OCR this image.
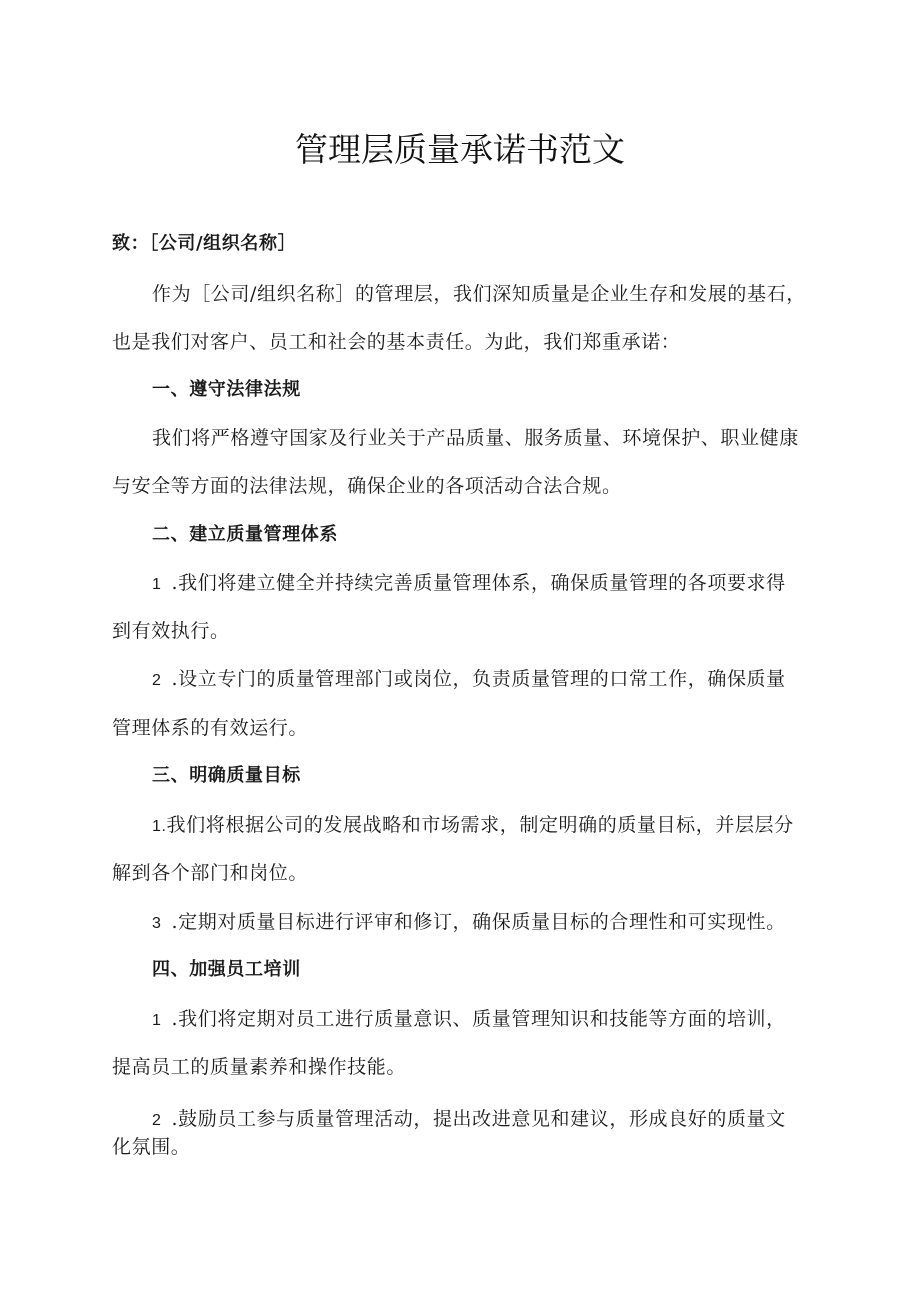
管理层质量承诺书范文
致：［公司/组织名称］
作为［公司/组织名称］的管理层，我们深知质量是企业生存和发展的基石，
也是我们对客户、员工和社会的基本责任。为此，我们郑重承诺：
一、遵守法律法规
我们将严格遵守国家及行业关于产品质量、服务质量、环境保护、职业健康
与安全等方面的法律法规，确保企业的各项活动合法合规。
二、建立质量管理体系
1 .我们将建立健全并持续完善质量管理体系，确保质量管理的各项要求得
到有效执行。
2 .设立专门的质量管理部门或岗位，负责质量管理的口常工作，确保质量
管理体系的有效运行。
三、明确质量目标
1.我们将根据公司的发展战略和市场需求，制定明确的质量目标，并层层分
解到各个部门和岗位。
3 .定期对质量目标进行评审和修订，确保质量目标的合理性和可实现性。
四、加强员工培训
1 .我们将定期对员工进行质量意识、质量管理知识和技能等方面的培训，
提高员工的质量素养和操作技能。
2 .鼓励员工参与质量管理活动，提出改进意见和建议，形成良好的质量文
化氛围。
